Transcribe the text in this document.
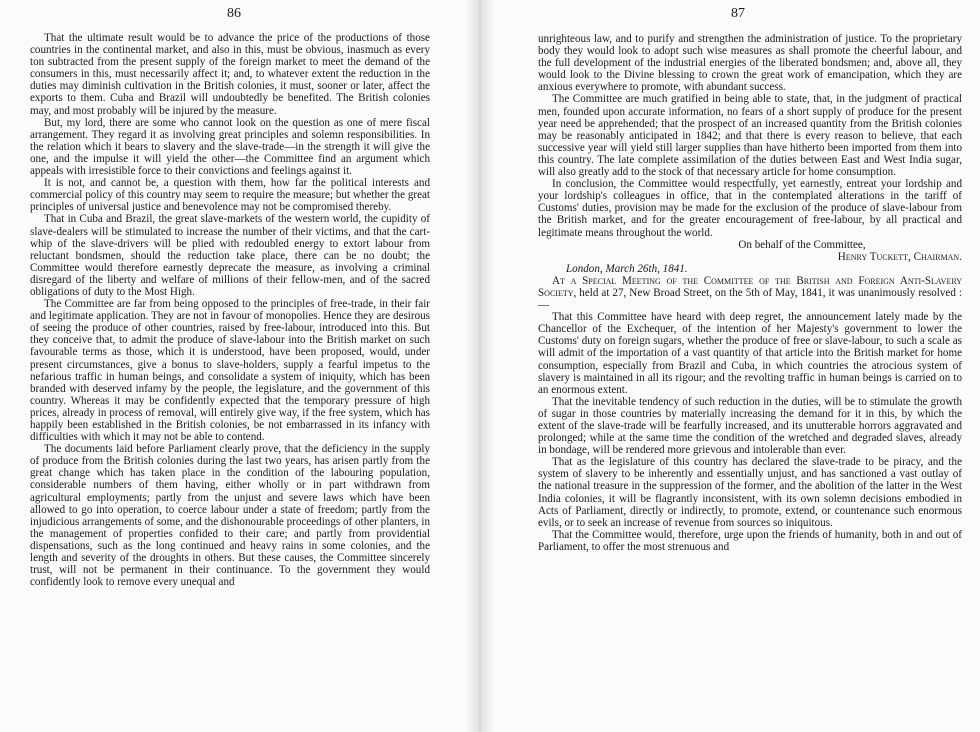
86

That the ultimate result would be to advance the price of the productions of those countries in the continental market, and also in this, must be obvious, inasmuch as every ton subtracted from the present supply of the foreign market to meet the demand of the consumers in this, must necessarily affect it; and, to whatever extent the reduction in the duties may diminish cultivation in the British colonies, it must, sooner or later, affect the exports to them. Cuba and Brazil will undoubtedly be benefited. The British colonies may, and most probably will be injured by the measure.

But, my lord, there are some who cannot look on the question as one of mere fiscal arrangement. They regard it as involving great principles and solemn responsibilities. In the relation which it bears to slavery and the slave-trade—in the strength it will give the one, and the impulse it will yield the other—the Committee find an argument which appeals with irresistible force to their convictions and feelings against it.

It is not, and cannot be, a question with them, how far the political interests and commercial policy of this country may seem to require the measure; but whether the great principles of universal justice and benevolence may not be compromised thereby.

That in Cuba and Brazil, the great slave-markets of the western world, the cupidity of slave-dealers will be stimulated to increase the number of their victims, and that the cart-whip of the slave-drivers will be plied with redoubled energy to extort labour from reluctant bondsmen, should the reduction take place, there can be no doubt; the Committee would therefore earnestly deprecate the measure, as involving a criminal disregard of the liberty and welfare of millions of their fellow-men, and of the sacred obligations of duty to the Most High.

The Committee are far from being opposed to the principles of free-trade, in their fair and legitimate application. They are not in favour of monopolies. Hence they are desirous of seeing the produce of other countries, raised by free-labour, introduced into this. But they conceive that, to admit the produce of slave-labour into the British market on such favourable terms as those, which it is understood, have been proposed, would, under present circumstances, give a bonus to slave-holders, supply a fearful impetus to the nefarious traffic in human beings, and consolidate a system of iniquity, which has been branded with deserved infamy by the people, the legislature, and the government of this country. Whereas it may be confidently expected that the temporary pressure of high prices, already in process of removal, will entirely give way, if the free system, which has happily been established in the British colonies, be not embarrassed in its infancy with difficulties with which it may not be able to contend.

The documents laid before Parliament clearly prove, that the deficiency in the supply of produce from the British colonies during the last two years, has arisen partly from the great change which has taken place in the condition of the labouring population, considerable numbers of them having, either wholly or in part withdrawn from agricultural employments; partly from the unjust and severe laws which have been allowed to go into operation, to coerce labour under a state of freedom; partly from the injudicious arrangements of some, and the dishonourable proceedings of other planters, in the management of properties confided to their care; and partly from providential dispensations, such as the long continued and heavy rains in some colonies, and the length and severity of the droughts in others. But these causes, the Committee sincerely trust, will not be permanent in their continuance. To the government they would confidently look to remove every unequal and

87

unrighteous law, and to purify and strengthen the administration of justice. To the proprietary body they would look to adopt such wise measures as shall promote the cheerful labour, and the full development of the industrial energies of the liberated bondsmen; and, above all, they would look to the Divine blessing to crown the great work of emancipation, which they are anxious everywhere to promote, with abundant success.

The Committee are much gratified in being able to state, that, in the judgment of practical men, founded upon accurate information, no fears of a short supply of produce for the present year need be apprehended; that the prospect of an increased quantity from the British colonies may be reasonably anticipated in 1842; and that there is every reason to believe, that each successive year will yield still larger supplies than have hitherto been imported from them into this country. The late complete assimilation of the duties between East and West India sugar, will also greatly add to the stock of that necessary article for home consumption.

In conclusion, the Committee would respectfully, yet earnestly, entreat your lordship and your lordship's colleagues in office, that in the contemplated alterations in the tariff of Customs' duties, provision may be made for the exclusion of the produce of slave-labour from the British market, and for the greater encouragement of free-labour, by all practical and legitimate means throughout the world.

On behalf of the Committee,

Henry Tuckett, Chairman.

London, March 26th, 1841.

At a Special Meeting of the Committee of the British and Foreign Anti-Slavery Society, held at 27, New Broad Street, on the 5th of May, 1841, it was unanimously resolved :—

That this Committee have heard with deep regret, the announcement lately made by the Chancellor of the Exchequer, of the intention of her Majesty's government to lower the Customs' duty on foreign sugars, whether the produce of free or slave-labour, to such a scale as will admit of the importation of a vast quantity of that article into the British market for home consumption, especially from Brazil and Cuba, in which countries the atrocious system of slavery is maintained in all its rigour; and the revolting traffic in human beings is carried on to an enormous extent.

That the inevitable tendency of such reduction in the duties, will be to stimulate the growth of sugar in those countries by materially increasing the demand for it in this, by which the extent of the slave-trade will be fearfully increased, and its unutterable horrors aggravated and prolonged; while at the same time the condition of the wretched and degraded slaves, already in bondage, will be rendered more grievous and intolerable than ever.

That as the legislature of this country has declared the slave-trade to be piracy, and the system of slavery to be inherently and essentially unjust, and has sanctioned a vast outlay of the national treasure in the suppression of the former, and the abolition of the latter in the West India colonies, it will be flagrantly inconsistent, with its own solemn decisions embodied in Acts of Parliament, directly or indirectly, to promote, extend, or countenance such enormous evils, or to seek an increase of revenue from sources so iniquitous.

That the Committee would, therefore, urge upon the friends of humanity, both in and out of Parliament, to offer the most strenuous and
